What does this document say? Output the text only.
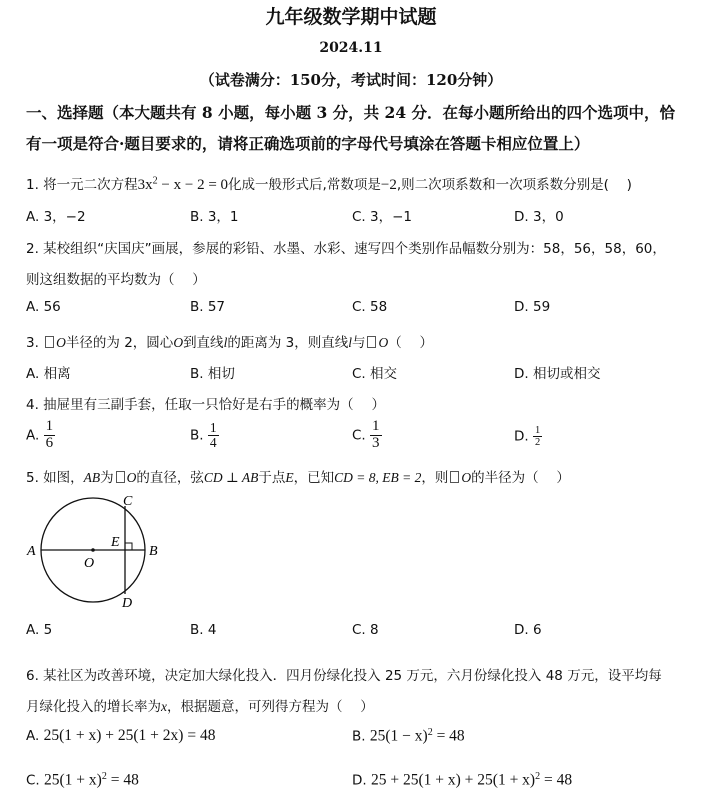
九年级数学期中试题
2024.11
（试卷满分：150分，考试时间：120分钟）
一、选择题（本大题共有 8 小题，每小题 3 分，共 24 分．在每小题所给出的四个选项中，恰
有一项是符合·题目要求的，请将正确选项前的字母代号填涂在答题卡相应位置上）
1. 将一元二次方程$3x^2 - x - 2 = 0$化成一般形式后,常数项是−2,则二次项系数和一次项系数分别是(　 )
A. 3，−2	B. 3，1	C. 3，−1	D. 3，0
2. 某校组织“庆国庆”画展，参展的彩铅、水墨、水彩、速写四个类别作品幅数分别为：58，56，58，60，
则这组数据的平均数为（　 ）
A. 56	B. 57	C. 58	D. 59
3. O半径的为 2，圆心O到直线l的距离为 3，则直线l与 O（　 ）
A. 相离	B. 相切	C. 相交	D. 相切或相交
4. 抽屉里有三副手套，任取一只恰好是右手的概率为（　 ）
A. $\frac{1}{6}$	B. $\frac{1}{4}$	C. $\frac{1}{3}$	D. $\frac{1}{2}$
5. 如图，AB为 O的直径，弦CD ⊥ AB于点E，已知CD = 8, EB = 2，则 O的半径为（　 ）
A	B
C
D
E
O
A. 5	B. 4	C. 8	D. 6
6. 某社区为改善环境，决定加大绿化投入．四月份绿化投入 25 万元，六月份绿化投入 48 万元，设平均每
月绿化投入的增长率为x，根据题意，可列得方程为（　 ）
A. 25(1 + x) + 25(1 + 2x) = 48	B. $25(1 - x)^2 = 48$
C. $25(1 + x)^2 = 48$	D. $25 + 25(1 + x) + 25(1 + x)^2 = 48$
